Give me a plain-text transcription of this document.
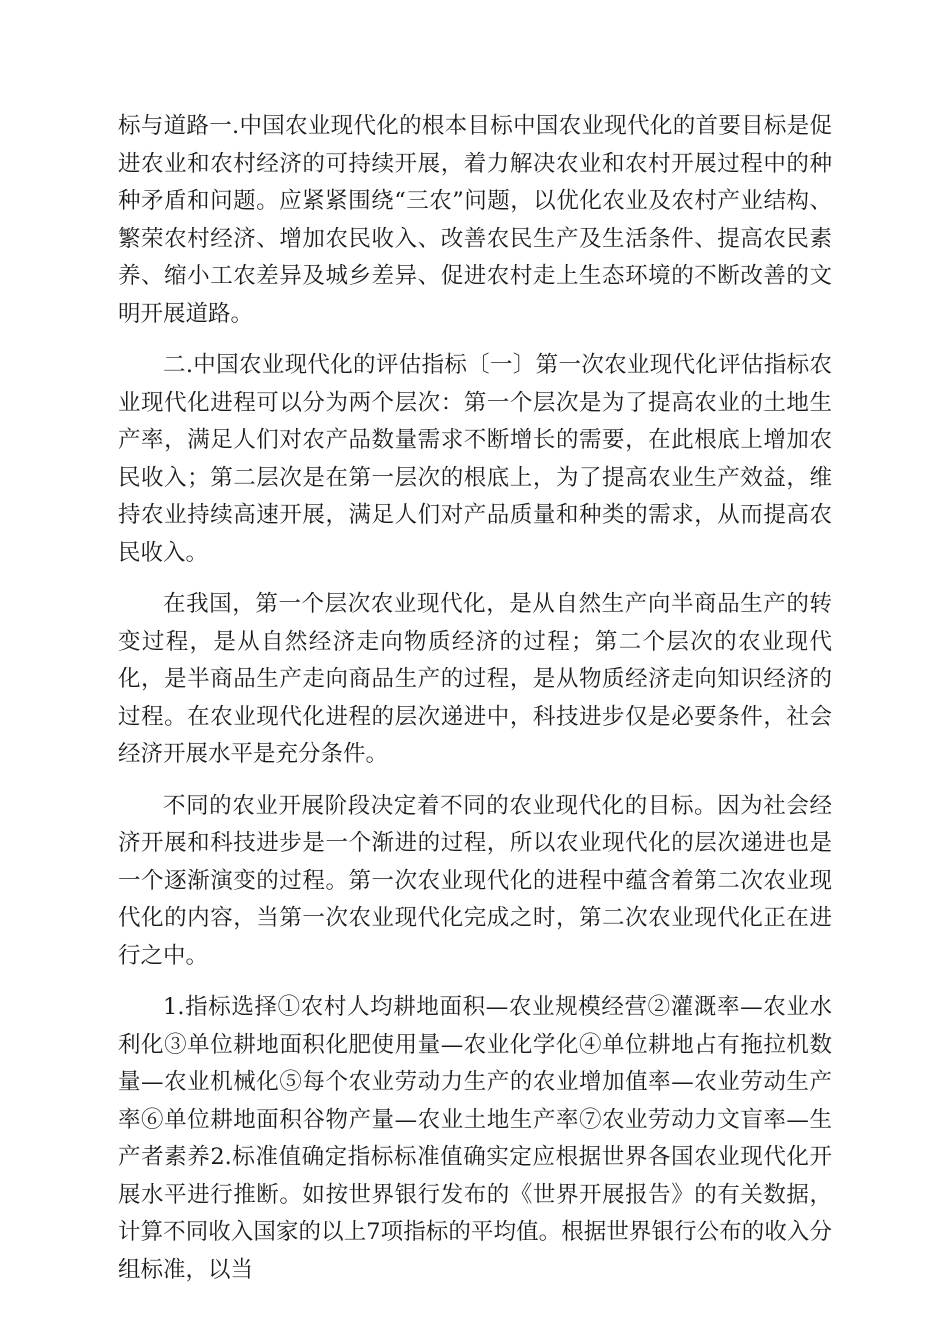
标与道路一.中国农业现代化的根本目标中国农业现代化的首要目标是促进农业和农村经济的可持续开展，着力解决农业和农村开展过程中的种种矛盾和问题。应紧紧围绕“三农”问题，以优化农业及农村产业结构、繁荣农村经济、增加农民收入、改善农民生产及生活条件、提高农民素养、缩小工农差异及城乡差异、促进农村走上生态环境的不断改善的文明开展道路。

二.中国农业现代化的评估指标〔一〕第一次农业现代化评估指标农业现代化进程可以分为两个层次：第一个层次是为了提高农业的土地生产率，满足人们对农产品数量需求不断增长的需要，在此根底上增加农民收入；第二层次是在第一层次的根底上，为了提高农业生产效益，维持农业持续高速开展，满足人们对产品质量和种类的需求，从而提高农民收入。

在我国，第一个层次农业现代化，是从自然生产向半商品生产的转变过程，是从自然经济走向物质经济的过程；第二个层次的农业现代化，是半商品生产走向商品生产的过程，是从物质经济走向知识经济的过程。在农业现代化进程的层次递进中，科技进步仅是必要条件，社会经济开展水平是充分条件。

不同的农业开展阶段决定着不同的农业现代化的目标。因为社会经济开展和科技进步是一个渐进的过程，所以农业现代化的层次递进也是一个逐渐演变的过程。第一次农业现代化的进程中蕴含着第二次农业现代化的内容，当第一次农业现代化完成之时，第二次农业现代化正在进行之中。

1.指标选择①农村人均耕地面积—农业规模经营②灌溉率—农业水利化③单位耕地面积化肥使用量—农业化学化④单位耕地占有拖拉机数量—农业机械化⑤每个农业劳动力生产的农业增加值率—农业劳动生产率⑥单位耕地面积谷物产量—农业土地生产率⑦农业劳动力文盲率—生产者素养2.标准值确定指标标准值确实定应根据世界各国农业现代化开展水平进行推断。如按世界银行发布的《世界开展报告》的有关数据，计算不同收入国家的以上7项指标的平均值。根据世界银行公布的收入分组标准，以当
